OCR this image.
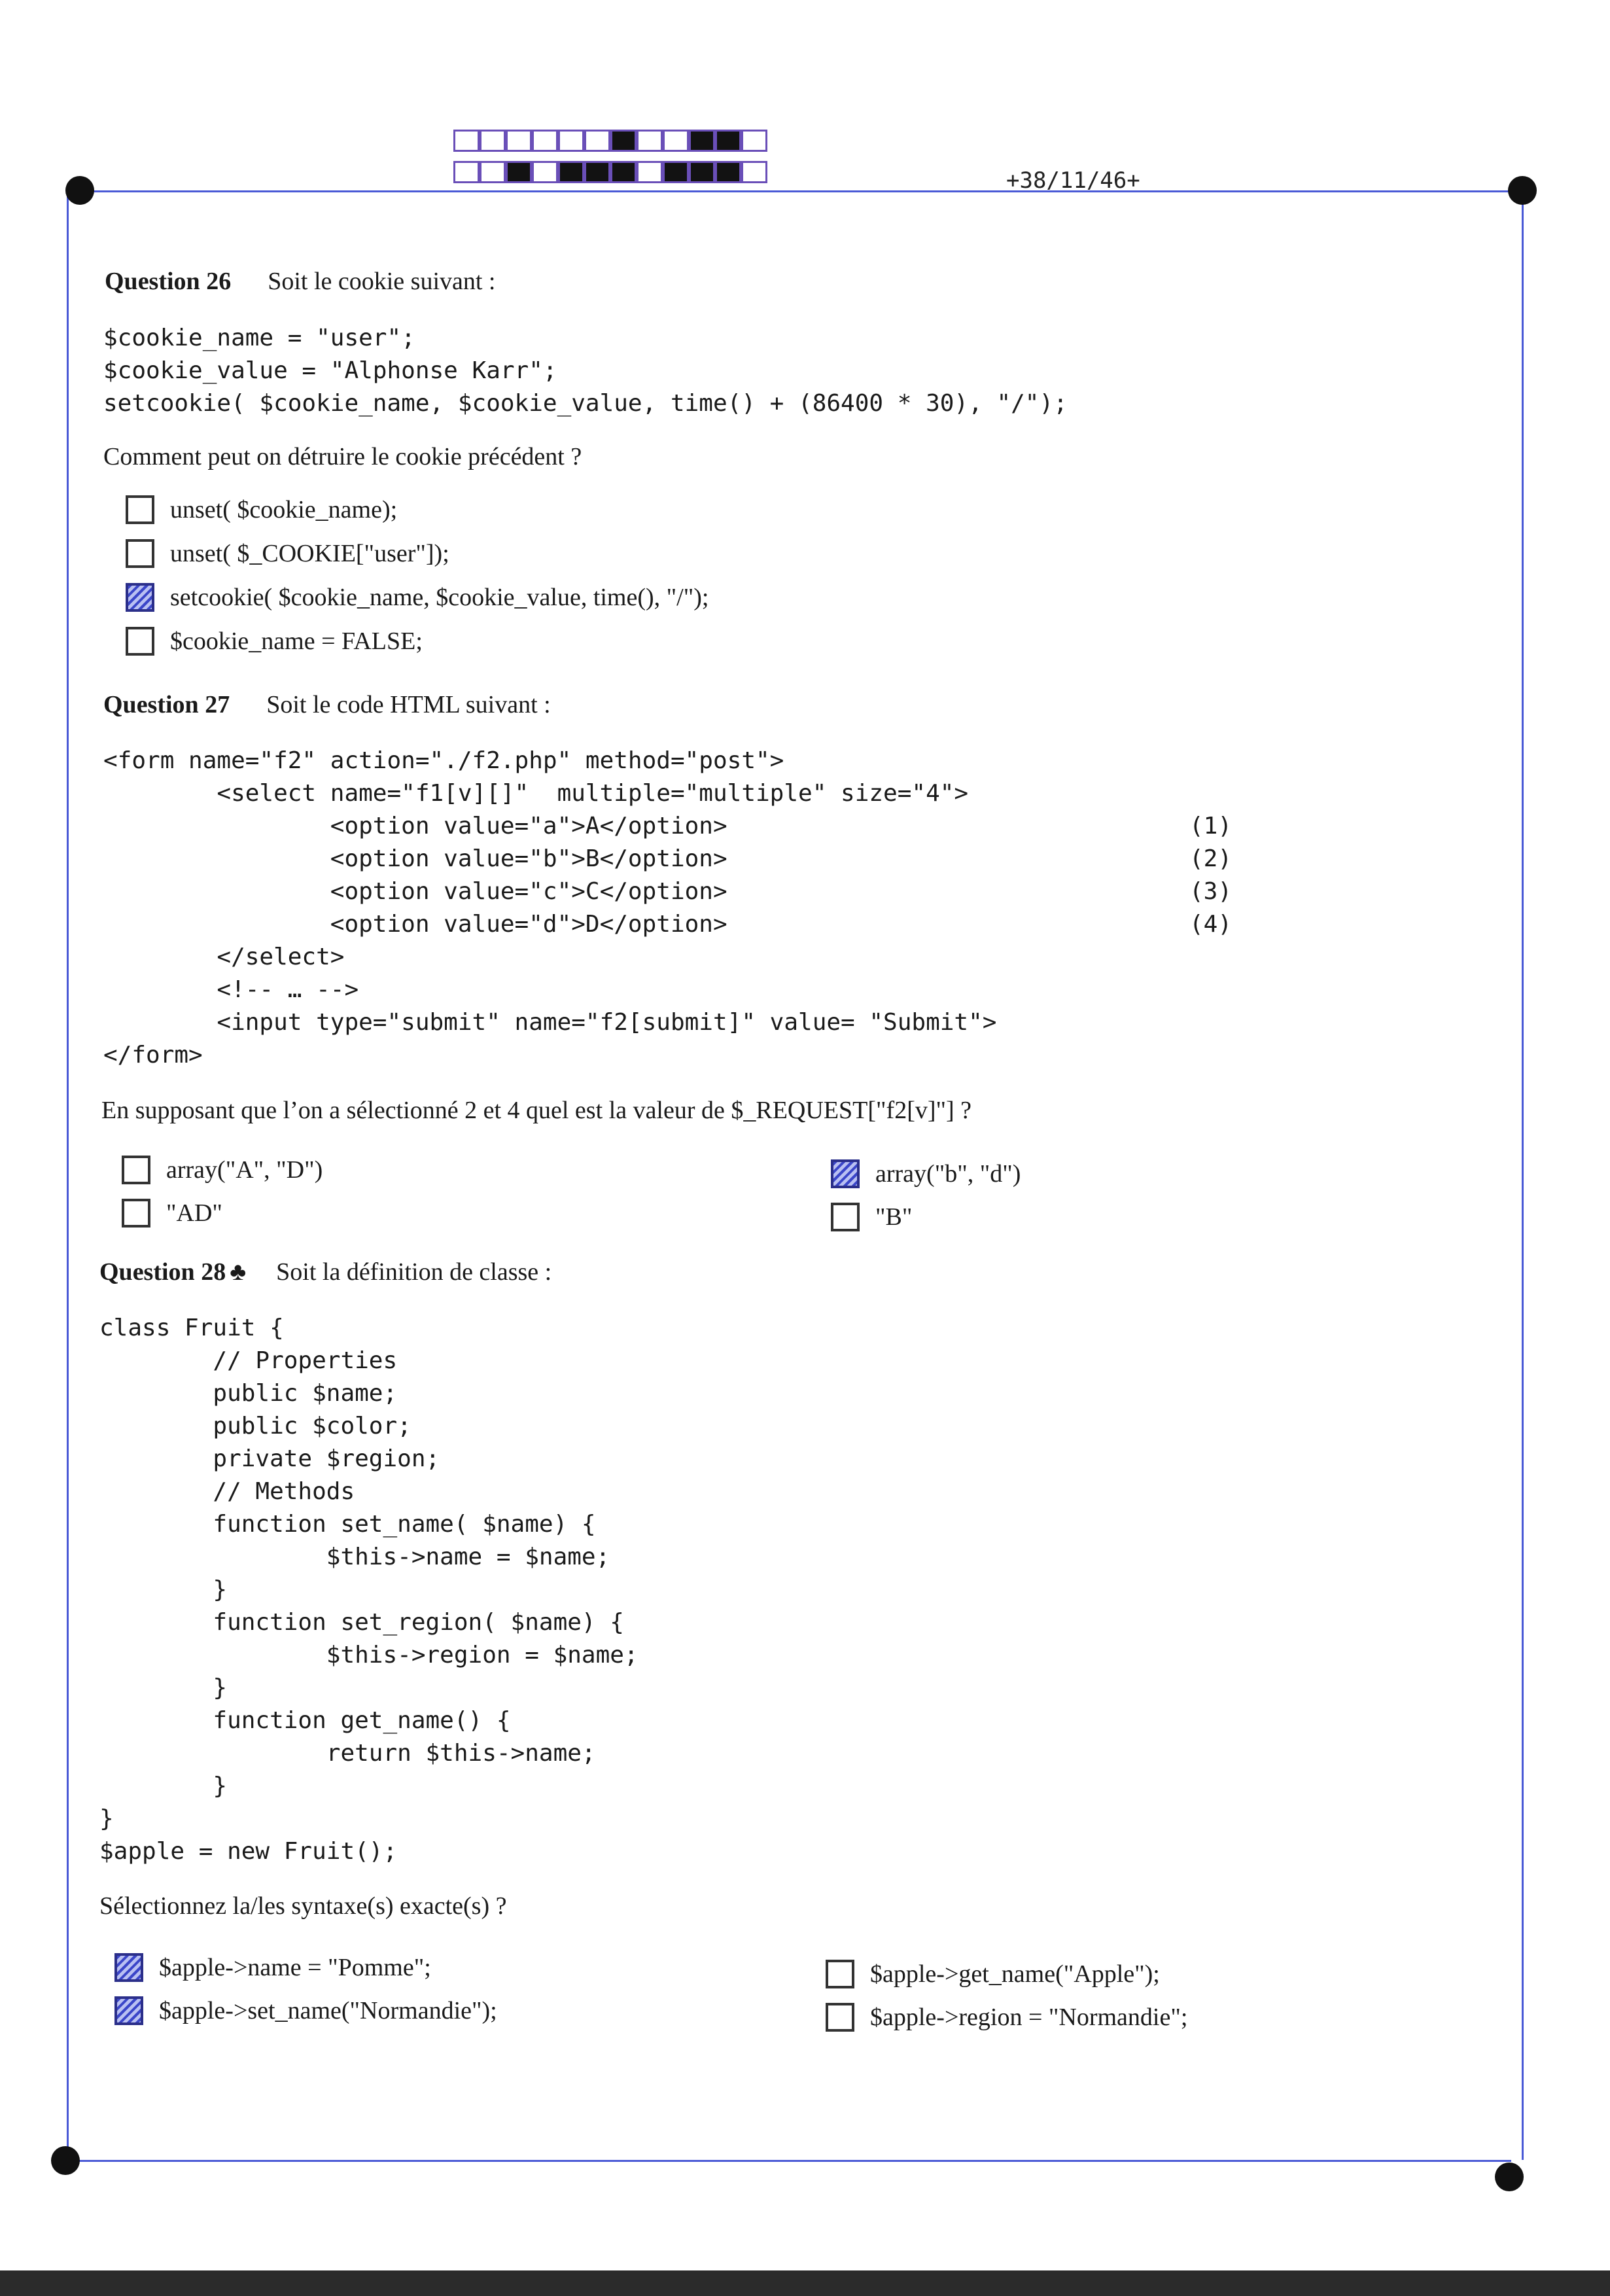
+38/11/46+
Question 26 Soit le cookie suivant :
$cookie_name = "user";
$cookie_value = "Alphonse Karr";
setcookie( $cookie_name, $cookie_value, time() + (86400 * 30), "/");
Comment peut on détruire le cookie précédent ?
unset( $cookie_name);
unset( $_COOKIE["user"]);
setcookie( $cookie_name, $cookie_value, time(), "/");
$cookie_name = FALSE;
Question 27 Soit le code HTML suivant :
<form name="f2" action="./f2.php" method="post">
<select name="f1[v][]"  multiple="multiple" size="4">
<option value="a">A</option>
<option value="b">B</option>
<option value="c">C</option>
<option value="d">D</option>
</select>
<!-- … -->
<input type="submit" name="f2[submit]" value= "Submit">
</form>
(1)
(2)
(3)
(4)
En supposant que l’on a sélectionné 2 et 4 quel est la valeur de $_REQUEST["f2[v]"] ?
array("A", "D")
"AD"
array("b", "d")
"B"
Question 28 ♣ Soit la définition de classe :
class Fruit {
// Properties
public $name;
public $color;
private $region;
// Methods
function set_name( $name) {
$this->name = $name;
}
function set_region( $name) {
$this->region = $name;
}
function get_name() {
return $this->name;
}
}
$apple = new Fruit();
Sélectionnez la/les syntaxe(s) exacte(s) ?
$apple->name = "Pomme";
$apple->set_name("Normandie");
$apple->get_name("Apple");
$apple->region = "Normandie";
